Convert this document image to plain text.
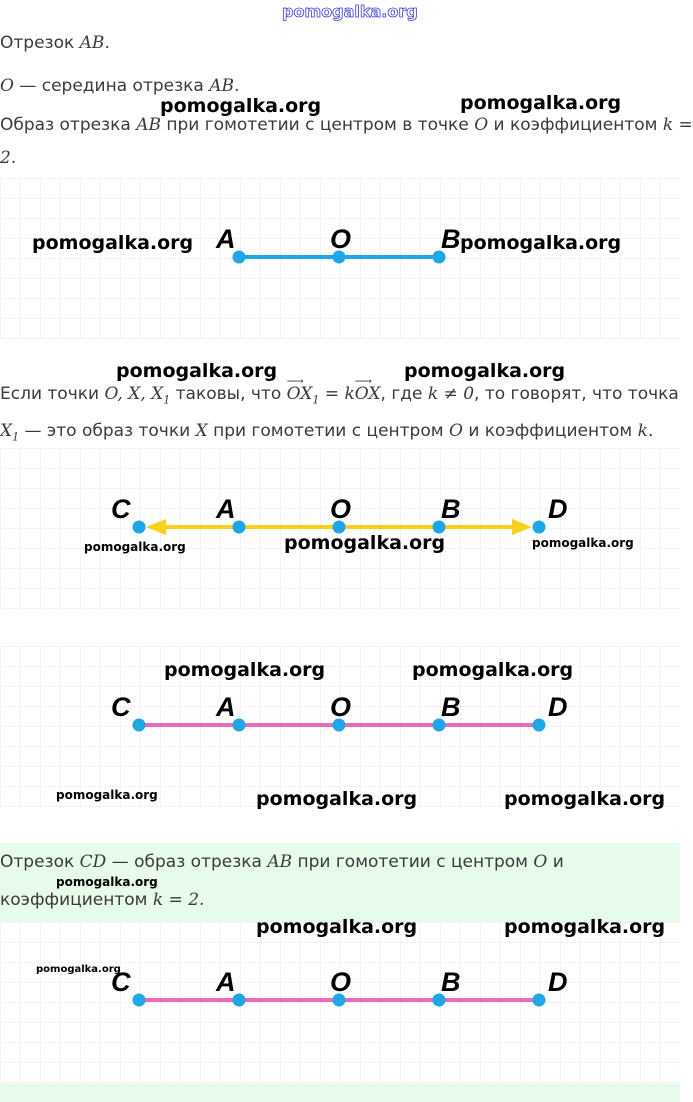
pomogalka.org
Отрезок AB.
O — середина отрезка AB.
Образ отрезка AB при гомотетии с центром в точке O и коэффициентом k =
2.
A	O	B
Если точки O, X, $X_1$ таковы, что
⟶
$OX_1 = k$
⟶
OX, где k ≠ 0, то говорят, что точка
$X_1$ — это образ точки X при гомотетии с центром O и коэффициентом k.
C	A	O	B	D
C	A	O	B	D
Отрезок CD — образ отрезка AB при гомотетии с центром O и
коэффициентом k = 2.
C	A	O	B	D
pomogalka.org	pomogalka.org
pomogalka.org	pomogalka.org
pomogalka.org	pomogalka.org
pomogalka.org	pomogalka.org	pomogalka.org
pomogalka.org	pomogalka.org
pomogalka.org	pomogalka.org	pomogalka.org
pomogalka.org
pomogalka.org	pomogalka.org
pomogalka.org
